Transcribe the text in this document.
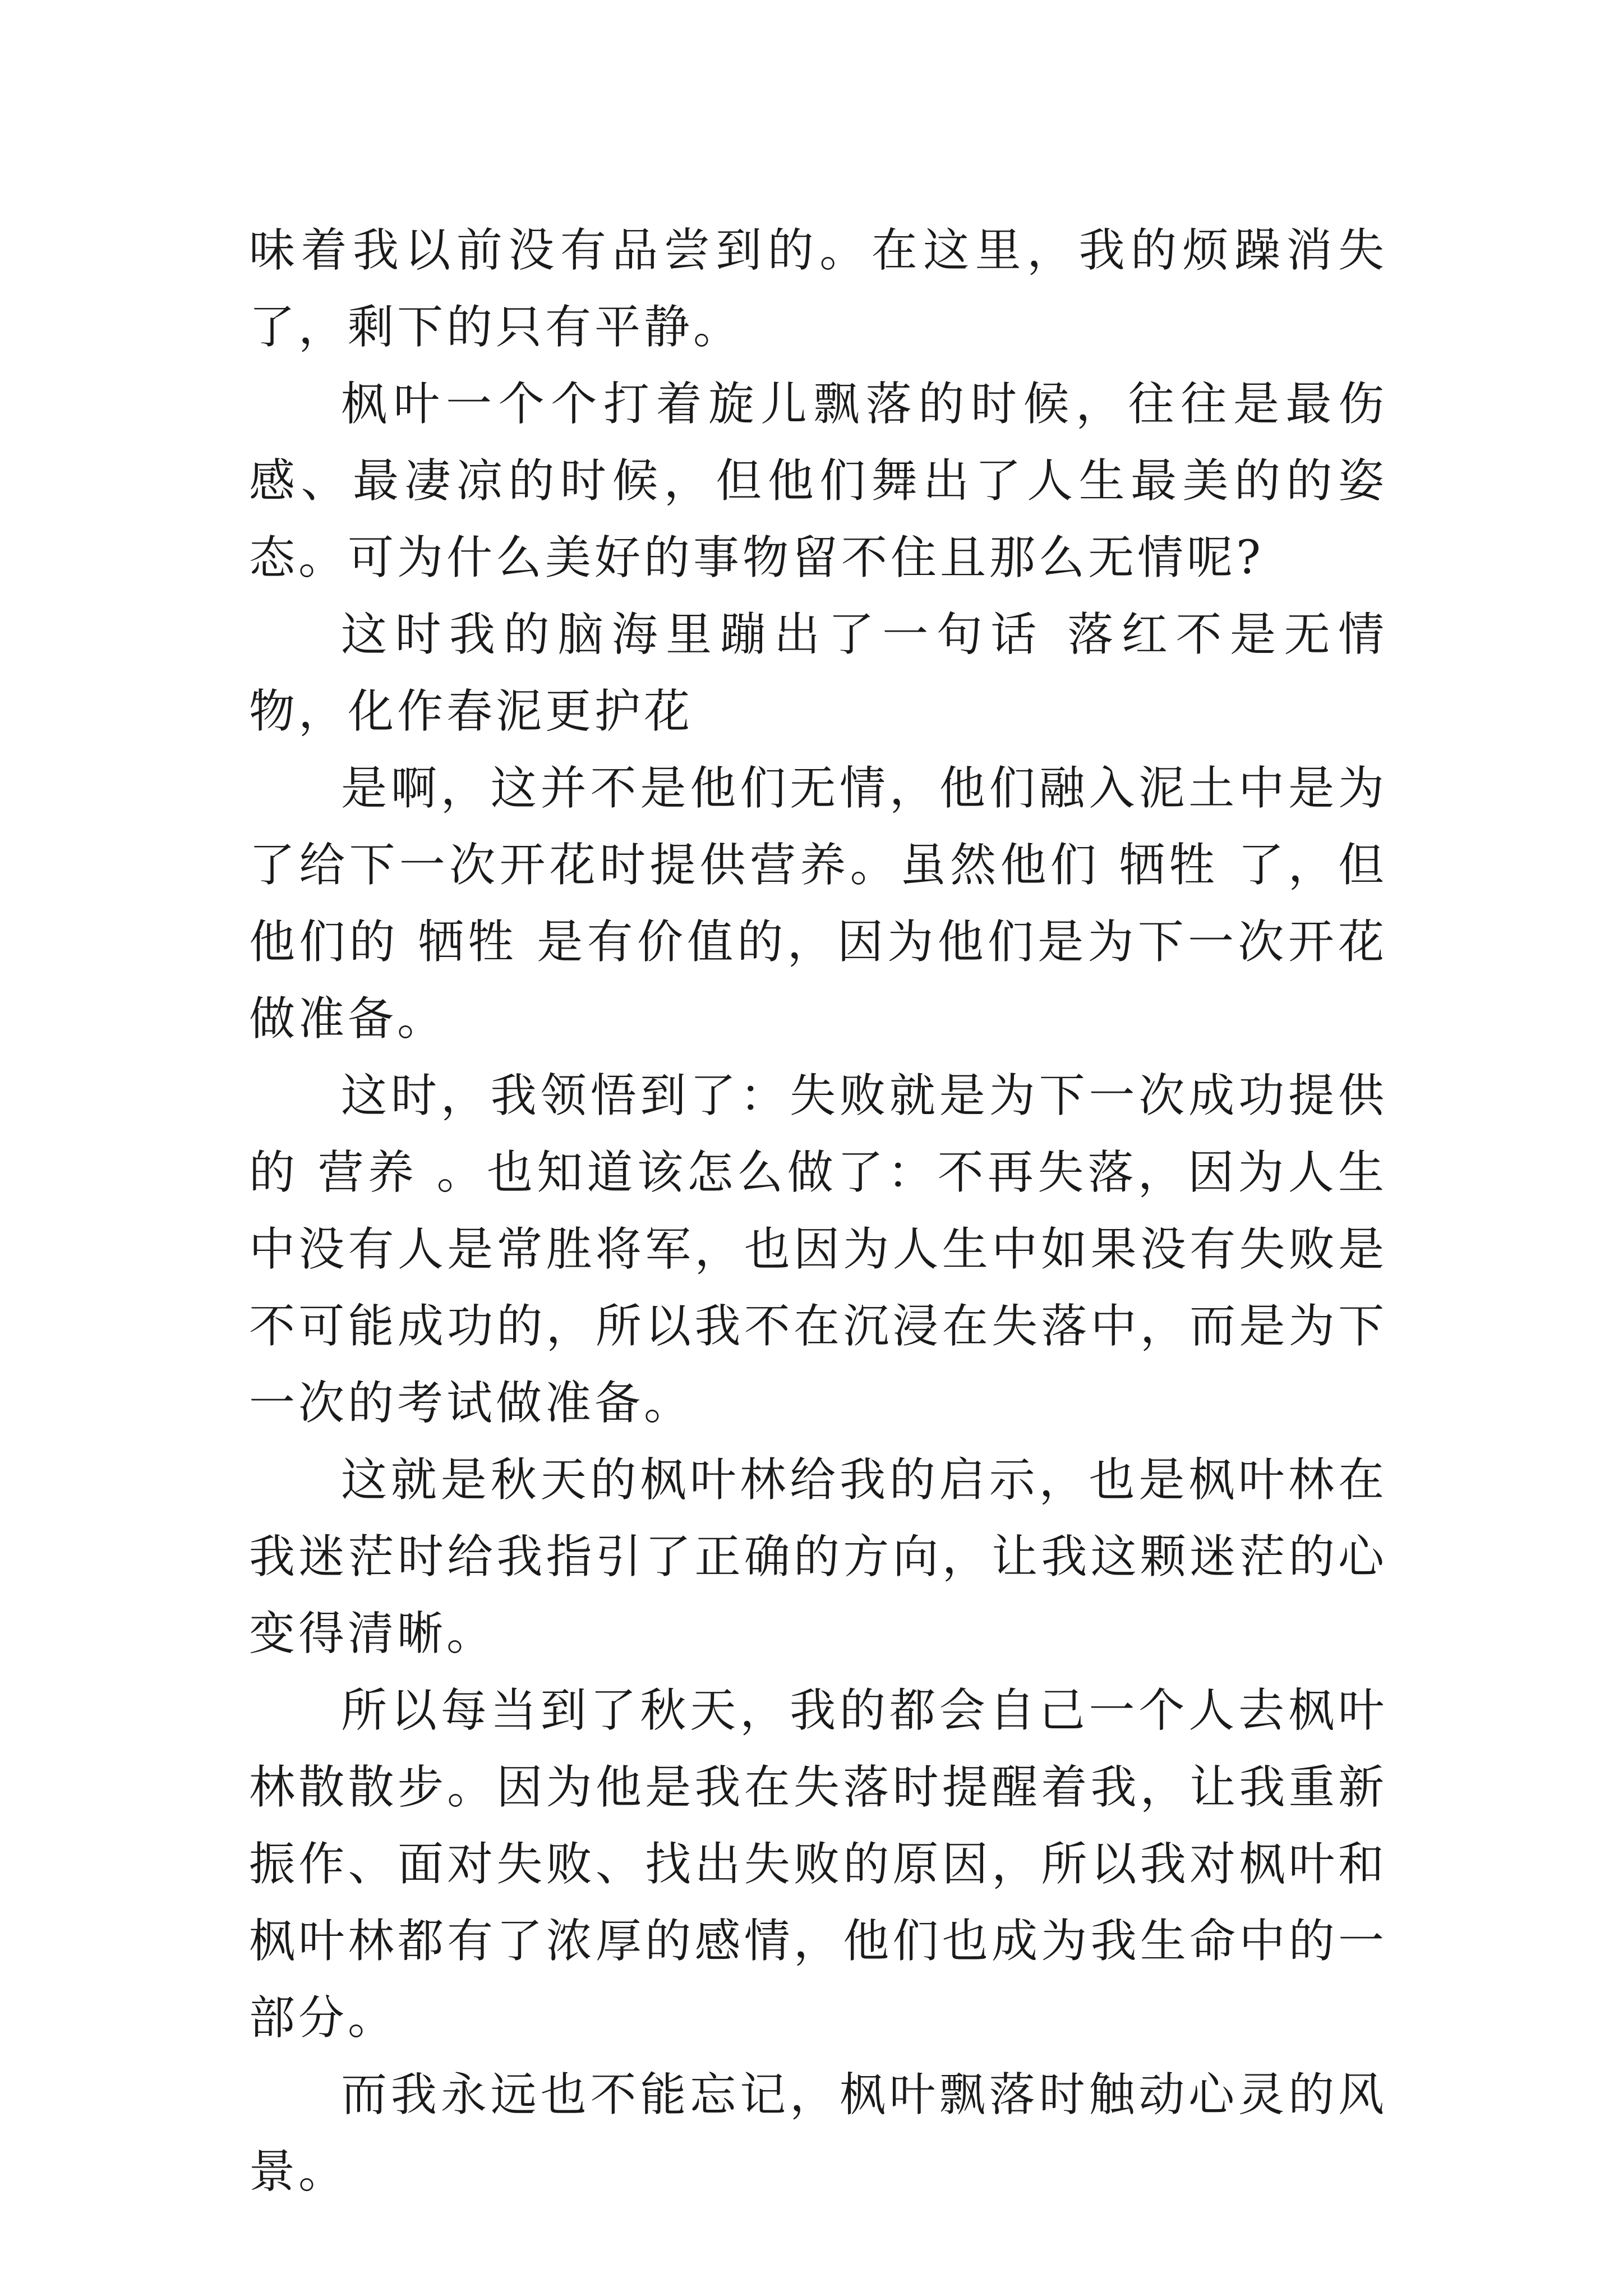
味着我以前没有品尝到的。在这里，我的烦躁消失了，剩下的只有平静。

枫叶一个个打着旋儿飘落的时候，往往是最伤感、最凄凉的时候，但他们舞出了人生最美的的姿态。可为什么美好的事物留不住且那么无情呢?

这时我的脑海里蹦出了一句话 落红不是无情物，化作春泥更护花

是啊，这并不是他们无情，他们融入泥土中是为了给下一次开花时提供营养。虽然他们 牺牲 了，但他们的 牺牲 是有价值的，因为他们是为下一次开花做准备。

这时，我领悟到了：失败就是为下一次成功提供的 营养 。也知道该怎么做了：不再失落，因为人生中没有人是常胜将军，也因为人生中如果没有失败是不可能成功的，所以我不在沉浸在失落中，而是为下一次的考试做准备。

这就是秋天的枫叶林给我的启示，也是枫叶林在我迷茫时给我指引了正确的方向，让我这颗迷茫的心变得清晰。

所以每当到了秋天，我的都会自己一个人去枫叶林散散步。因为他是我在失落时提醒着我，让我重新振作、面对失败、找出失败的原因，所以我对枫叶和枫叶林都有了浓厚的感情，他们也成为我生命中的一部分。

而我永远也不能忘记，枫叶飘落时触动心灵的风景。
